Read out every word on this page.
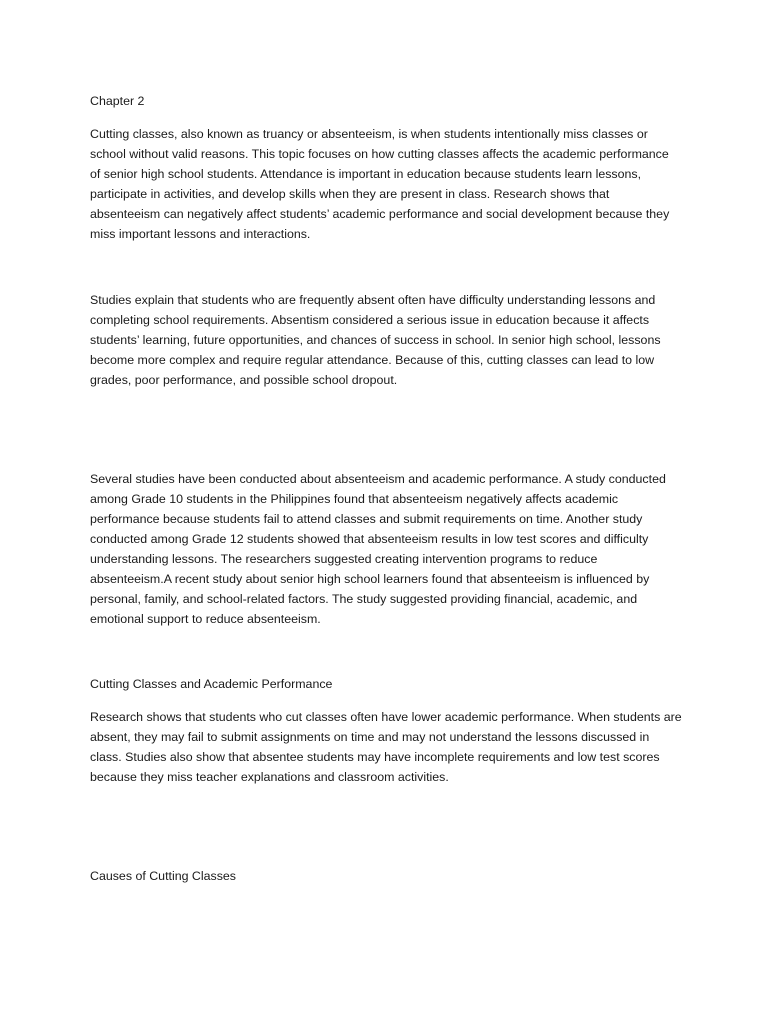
Chapter 2

Cutting classes, also known as truancy or absenteeism, is when students intentionally miss classes or school without valid reasons. This topic focuses on how cutting classes affects the academic performance of senior high school students. Attendance is important in education because students learn lessons, participate in activities, and develop skills when they are present in class. Research shows that absenteeism can negatively affect students’ academic performance and social development because they miss important lessons and interactions.

Studies explain that students who are frequently absent often have difficulty understanding lessons and completing school requirements. Absentism considered a serious issue in education because it affects students’ learning, future opportunities, and chances of success in school. In senior high school, lessons become more complex and require regular attendance. Because of this, cutting classes can lead to low grades, poor performance, and possible school dropout.

Several studies have been conducted about absenteeism and academic performance. A study conducted among Grade 10 students in the Philippines found that absenteeism negatively affects academic performance because students fail to attend classes and submit requirements on time. Another study conducted among Grade 12 students showed that absenteeism results in low test scores and difficulty understanding lessons. The researchers suggested creating intervention programs to reduce absenteeism.A recent study about senior high school learners found that absenteeism is influenced by personal, family, and school-related factors. The study suggested providing financial, academic, and emotional support to reduce absenteeism.

Cutting Classes and Academic Performance

Research shows that students who cut classes often have lower academic performance. When students are absent, they may fail to submit assignments on time and may not understand the lessons discussed in class. Studies also show that absentee students may have incomplete requirements and low test scores because they miss teacher explanations and classroom activities.

Causes of Cutting Classes
